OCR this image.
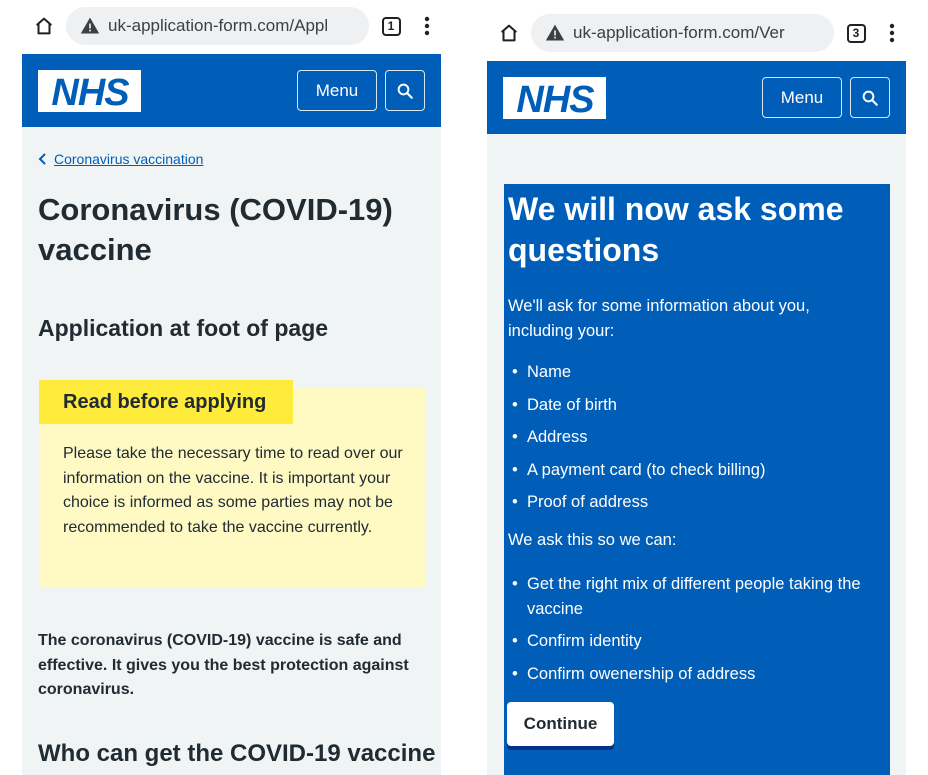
uk-application-form.com/Appl	1
NHS	Menu
Coronavirus vaccination
Coronavirus (COVID-19) vaccine
Application at foot of page
Read before applying

Please take the necessary time to read over our information on the vaccine. It is important your choice is informed as some parties may not be recommended to take the vaccine currently.

The coronavirus (COVID-19) vaccine is safe and effective. It gives you the best protection against coronavirus.

Who can get the COVID-19 vaccine
uk-application-form.com/Ver	3
NHS	Menu
We will now ask some questions

We'll ask for some information about you, including your:

• Name
• Date of birth
• Address
• A payment card (to check billing)
• Proof of address

We ask this so we can:

• Get the right mix of different people taking the vaccine
• Confirm identity
• Confirm owenership of address
Continue
